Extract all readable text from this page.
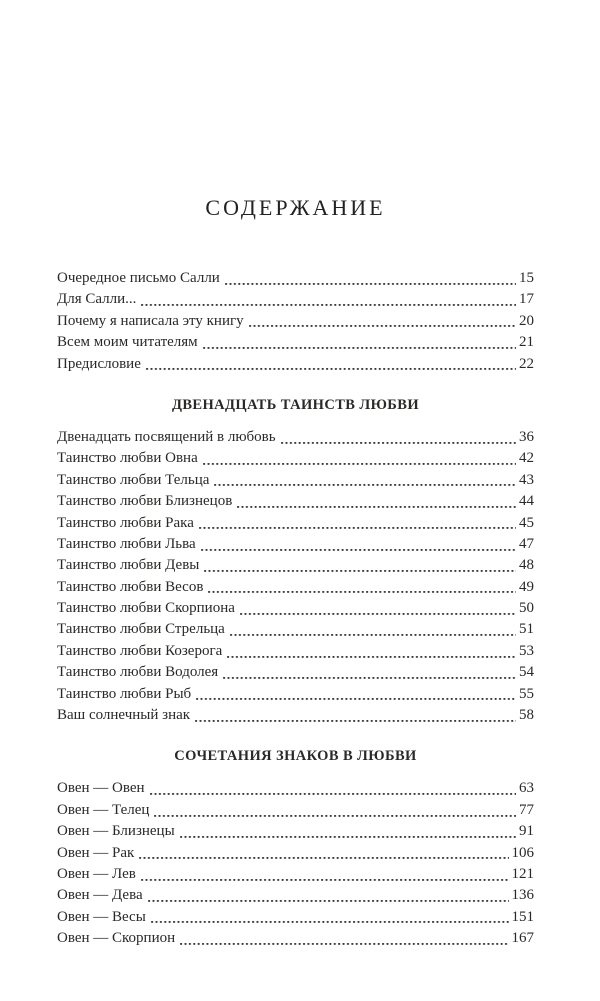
СОДЕРЖАНИЕ
Очередное письмо Салли	15
Для Салли...	17
Почему я написала эту книгу	20
Всем моим читателям	21
Предисловие	22
ДВЕНАДЦАТЬ ТАИНСТВ ЛЮБВИ
Двенадцать посвящений в любовь	36
Таинство любви Овна	42
Таинство любви Тельца	43
Таинство любви Близнецов	44
Таинство любви Рака	45
Таинство любви Льва	47
Таинство любви Девы	48
Таинство любви Весов	49
Таинство любви Скорпиона	50
Таинство любви Стрельца	51
Таинство любви Козерога	53
Таинство любви Водолея	54
Таинство любви Рыб	55
Ваш солнечный знак	58
СОЧЕТАНИЯ ЗНАКОВ В ЛЮБВИ
Овен — Овен	63
Овен — Телец	77
Овен — Близнецы	91
Овен — Рак	106
Овен — Лев	121
Овен — Дева	136
Овен — Весы	151
Овен — Скорпион	167
